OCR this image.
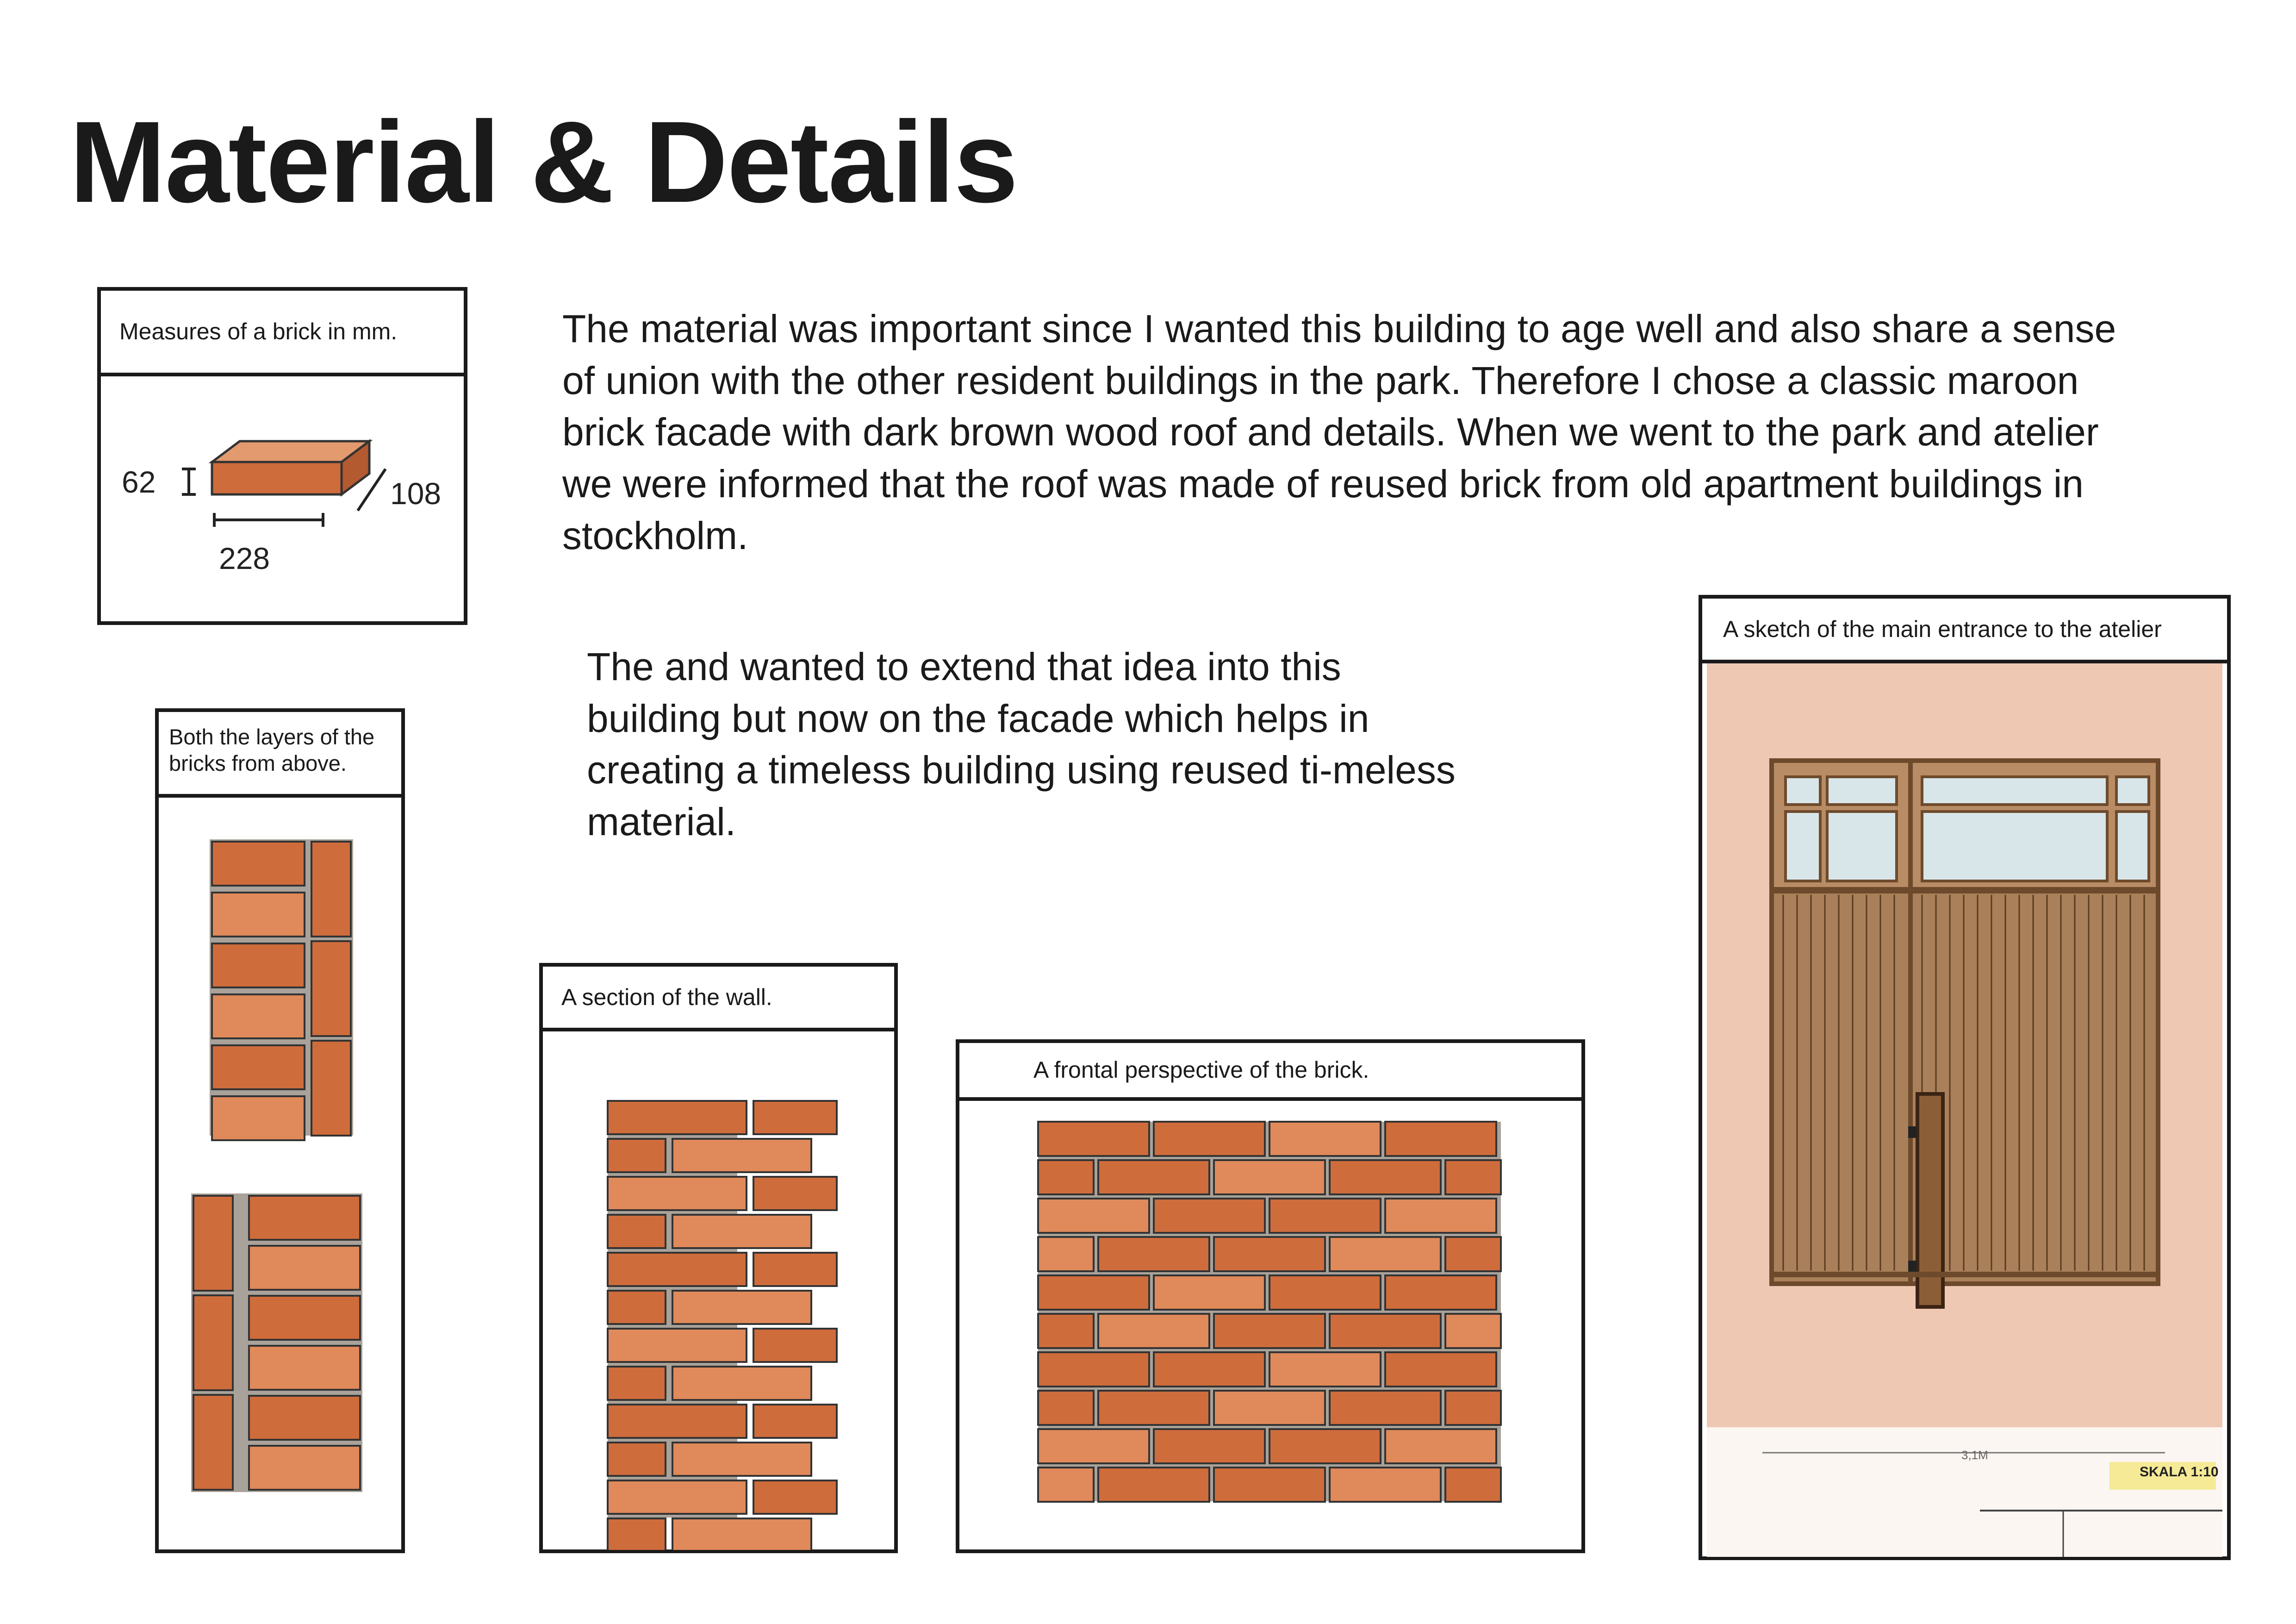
Material & Details
The material was important since I wanted this building to age well and also share a sense of union with the other resident buildings in the park. Therefore I chose a classic maroon brick facade with dark brown wood roof and details. When we went to the park and atelier we were informed that the roof was made of reused brick from old apartment buildings in stockholm.
The and wanted to extend that idea into this building but now on the facade which helps in creating a timeless building using reused ti-meless material.
Measures of a brick in mm.
62	108
228
Both the layers of the bricks from above.
A section of the wall.
A frontal perspective of the brick.
A sketch of the main entrance to the atelier
3,1M
SKALA 1:10
